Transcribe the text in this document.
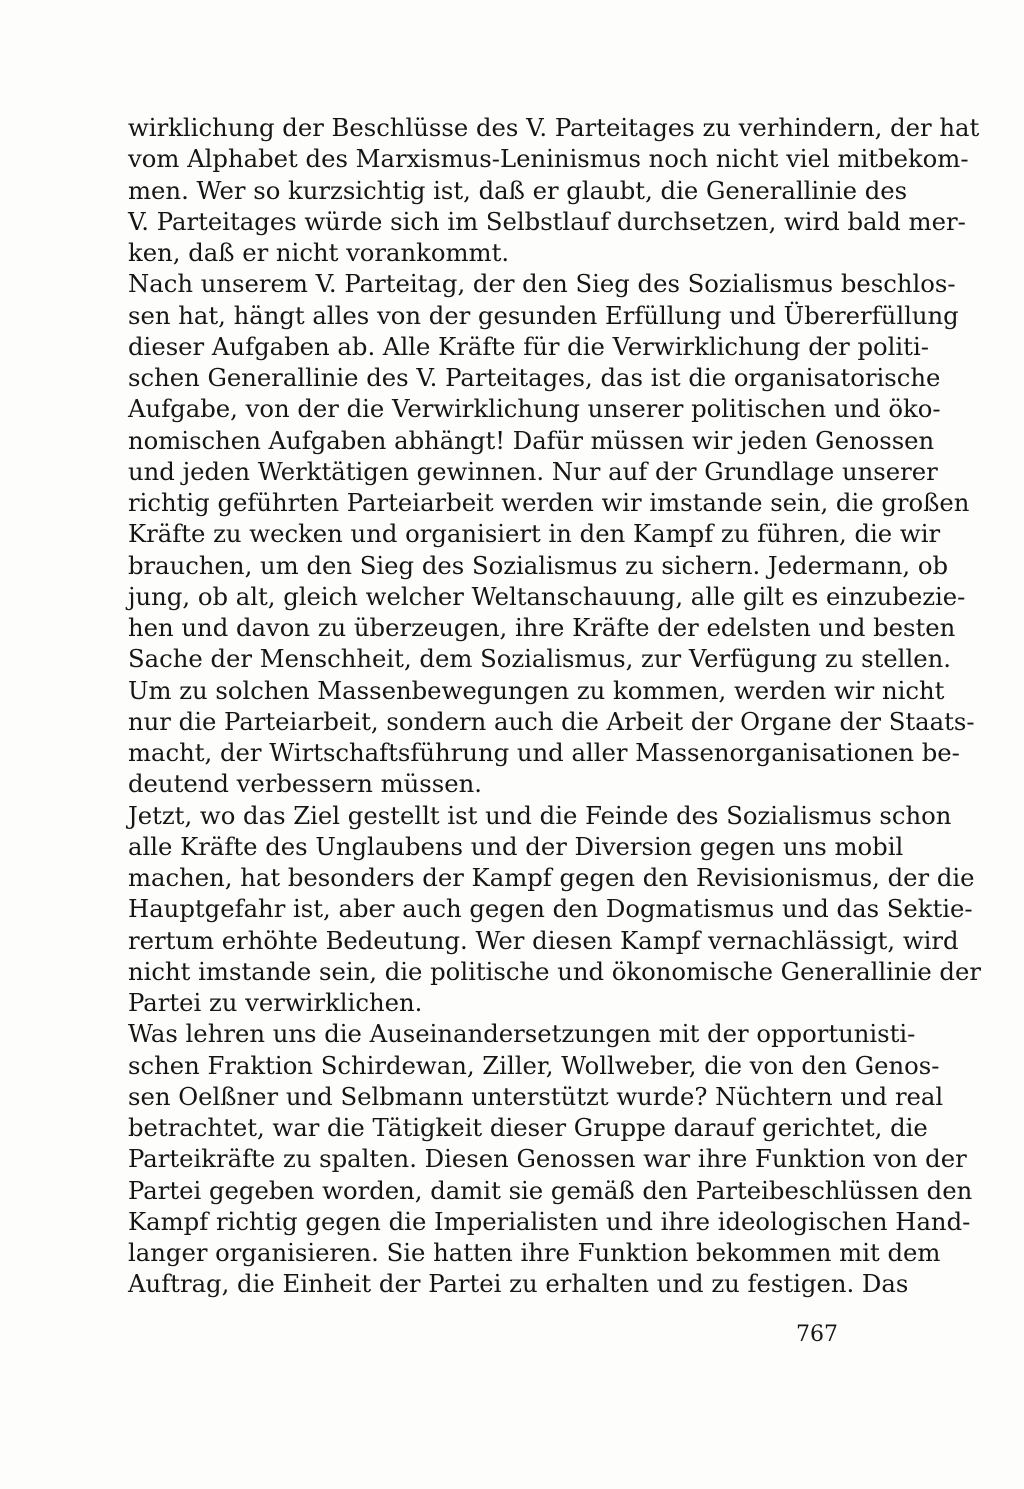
wirklichung der Beschlüsse des V. Parteitages zu verhindern, der hat
vom Alphabet des Marxismus-Leninismus noch nicht viel mitbekom-
men. Wer so kurzsichtig ist, daß er glaubt, die Generallinie des
V. Parteitages würde sich im Selbstlauf durchsetzen, wird bald mer-
ken, daß er nicht vorankommt.
Nach unserem V. Parteitag, der den Sieg des Sozialismus beschlos-
sen hat, hängt alles von der gesunden Erfüllung und Übererfüllung
dieser Aufgaben ab. Alle Kräfte für die Verwirklichung der politi-
schen Generallinie des V. Parteitages, das ist die organisatorische
Aufgabe, von der die Verwirklichung unserer politischen und öko-
nomischen Aufgaben abhängt! Dafür müssen wir jeden Genossen
und jeden Werktätigen gewinnen. Nur auf der Grundlage unserer
richtig geführten Parteiarbeit werden wir imstande sein, die großen
Kräfte zu wecken und organisiert in den Kampf zu führen, die wir
brauchen, um den Sieg des Sozialismus zu sichern. Jedermann, ob
jung, ob alt, gleich welcher Weltanschauung, alle gilt es einzubezie-
hen und davon zu überzeugen, ihre Kräfte der edelsten und besten
Sache der Menschheit, dem Sozialismus, zur Verfügung zu stellen.
Um zu solchen Massenbewegungen zu kommen, werden wir nicht
nur die Parteiarbeit, sondern auch die Arbeit der Organe der Staats-
macht, der Wirtschaftsführung und aller Massenorganisationen be-
deutend verbessern müssen.
Jetzt, wo das Ziel gestellt ist und die Feinde des Sozialismus schon
alle Kräfte des Unglaubens und der Diversion gegen uns mobil
machen, hat besonders der Kampf gegen den Revisionismus, der die
Hauptgefahr ist, aber auch gegen den Dogmatismus und das Sektie-
rertum erhöhte Bedeutung. Wer diesen Kampf vernachlässigt, wird
nicht imstande sein, die politische und ökonomische Generallinie der
Partei zu verwirklichen.
Was lehren uns die Auseinandersetzungen mit der opportunisti-
schen Fraktion Schirdewan, Ziller, Wollweber, die von den Genos-
sen Oelßner und Selbmann unterstützt wurde? Nüchtern und real
betrachtet, war die Tätigkeit dieser Gruppe darauf gerichtet, die
Parteikräfte zu spalten. Diesen Genossen war ihre Funktion von der
Partei gegeben worden, damit sie gemäß den Parteibeschlüssen den
Kampf richtig gegen die Imperialisten und ihre ideologischen Hand-
langer organisieren. Sie hatten ihre Funktion bekommen mit dem
Auftrag, die Einheit der Partei zu erhalten und zu festigen. Das
767
